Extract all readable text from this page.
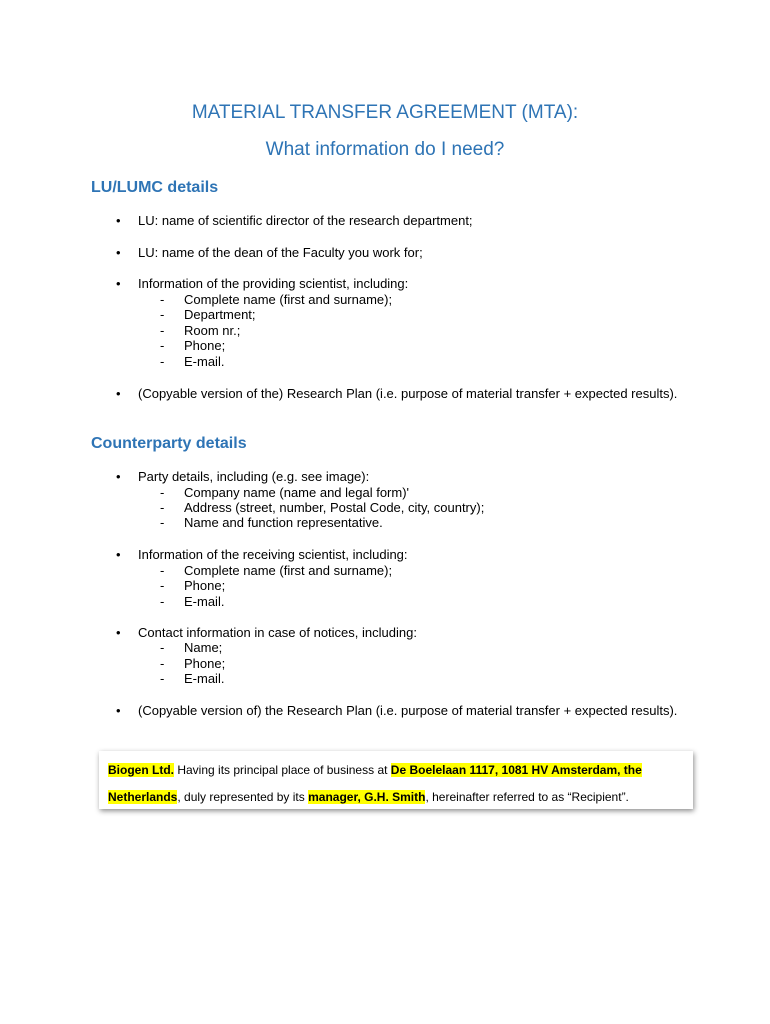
MATERIAL TRANSFER AGREEMENT (MTA):
What information do I need?
LU/LUMC details
• LU: name of scientific director of the research department;
• LU: name of the dean of the Faculty you work for;
• Information of the providing scientist, including:
- Complete name (first and surname);
- Department;
- Room nr.;
- Phone;
- E-mail.
• (Copyable version of the) Research Plan (i.e. purpose of material transfer + expected results).
Counterparty details
• Party details, including (e.g. see image):
- Company name (name and legal form)'
- Address (street, number, Postal Code, city, country);
- Name and function representative.
• Information of the receiving scientist, including:
- Complete name (first and surname);
- Phone;
- E-mail.
• Contact information in case of notices, including:
- Name;
- Phone;
- E-mail.
• (Copyable version of) the Research Plan (i.e. purpose of material transfer + expected results).
Biogen Ltd. Having its principal place of business at De Boelelaan 1117, 1081 HV Amsterdam, the
Netherlands, duly represented by its manager, G.H. Smith, hereinafter referred to as “Recipient”.
